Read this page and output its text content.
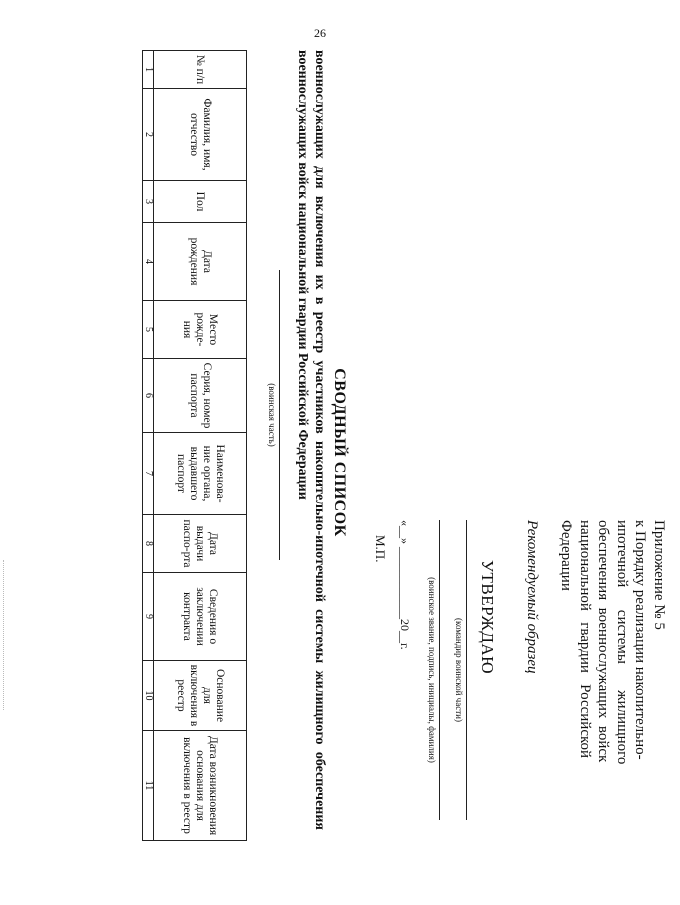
26
Приложение № 5
к Порядку реализации накопительно-
ипотечной      системы       жилищного
обеспечения  военнослужащих  войск
национальной   гвардии   Российской
Федерации
Рекомендуемый образец
УТВЕРЖДАЮ
(командир воинской части)
(воинское звание, подпись, инициалы, фамилия)
«__» ____________20__г.
М.П.
СВОДНЫЙ СПИСОК
военнослужащих для включения их в реестр участников накопительно-ипотечной системы жилищного обеспечения военнослужащих войск национальной гвардии Российской Федерации
(воинская часть)
№ п/п	Фамилия, имя, отчество	Пол	Дата рождения	Место рожде-ния	Серия, номер паспорта	Наименова-ние органа, выдавшего паспорт	Дата выдачи паспо-рта	Сведения о заключении контракта	Основание для включения в реестр	Дата возникновения основания для включения в реестр
1	2	3	4	5	6	7	8	9	10	11
